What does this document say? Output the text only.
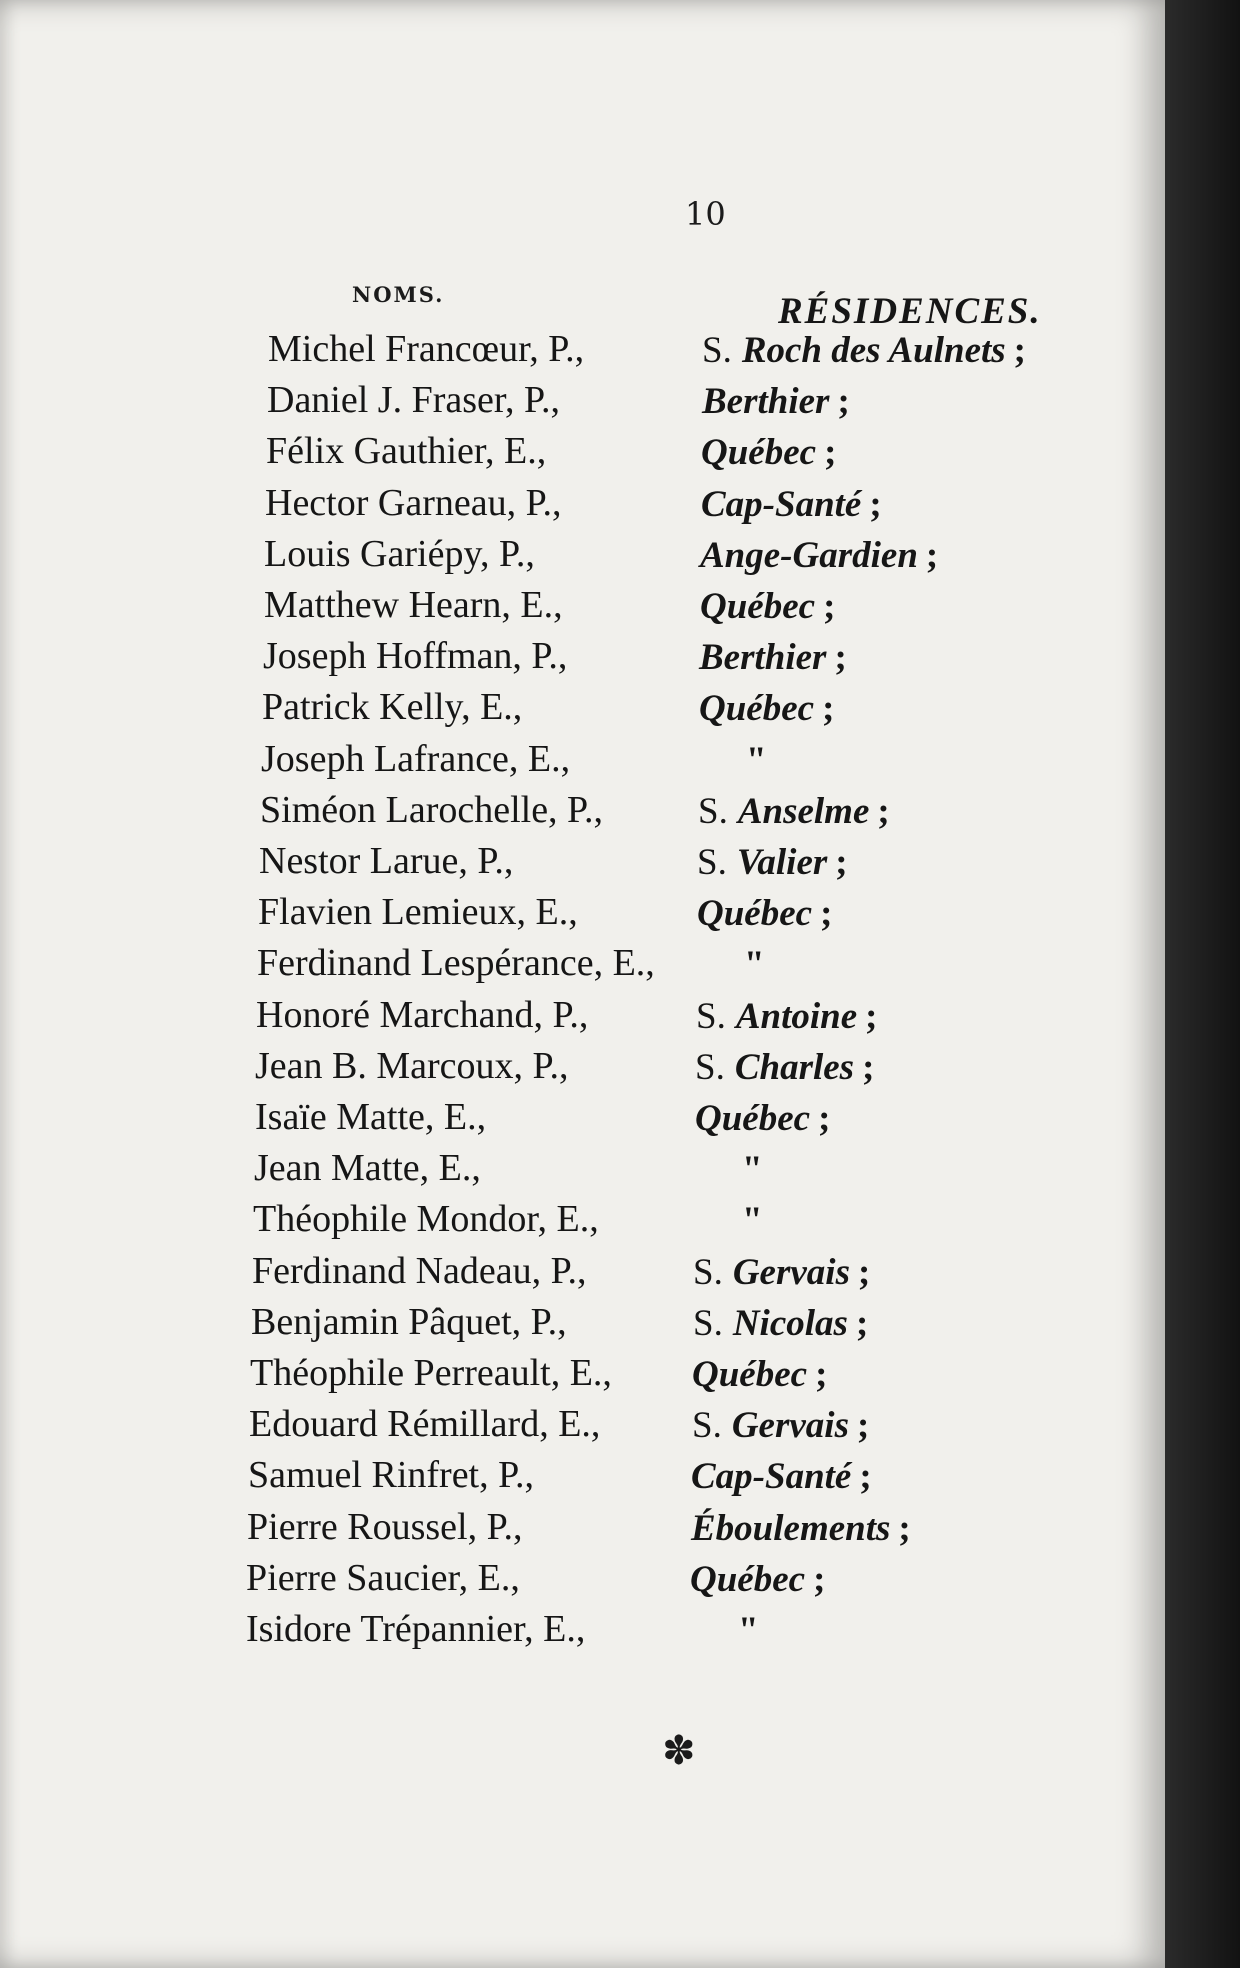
10
NOMS.	RÉSIDENCES.
Michel Francœur, P.,	S. Roch des Aulnets ;
Daniel J. Fraser, P.,	Berthier ;
Félix Gauthier, E.,	Québec ;
Hector Garneau, P.,	Cap-Santé ;
Louis Gariépy, P.,	Ange-Gardien ;
Matthew Hearn, E.,	Québec ;
Joseph Hoffman, P.,	Berthier ;
Patrick Kelly, E.,	Québec ;
Joseph Lafrance, E.,	"
Siméon Larochelle, P.,	S. Anselme ;
Nestor Larue, P.,	S. Valier ;
Flavien Lemieux, E.,	Québec ;
Ferdinand Lespérance, E.,	"
Honoré Marchand, P.,	S. Antoine ;
Jean B. Marcoux, P.,	S. Charles ;
Isaïe Matte, E.,	Québec ;
Jean Matte, E.,	"
Théophile Mondor, E.,	"
Ferdinand Nadeau, P.,	S. Gervais ;
Benjamin Pâquet, P.,	S. Nicolas ;
Théophile Perreault, E., Québec ;
Edouard Rémillard, E., S. Gervais ;
Samuel Rinfret, P.,	Cap-Santé ;
Pierre Roussel, P.,	Éboulements ;
Pierre Saucier, E.,	Québec ;
Isidore Trépannier, E.,	"
✽
